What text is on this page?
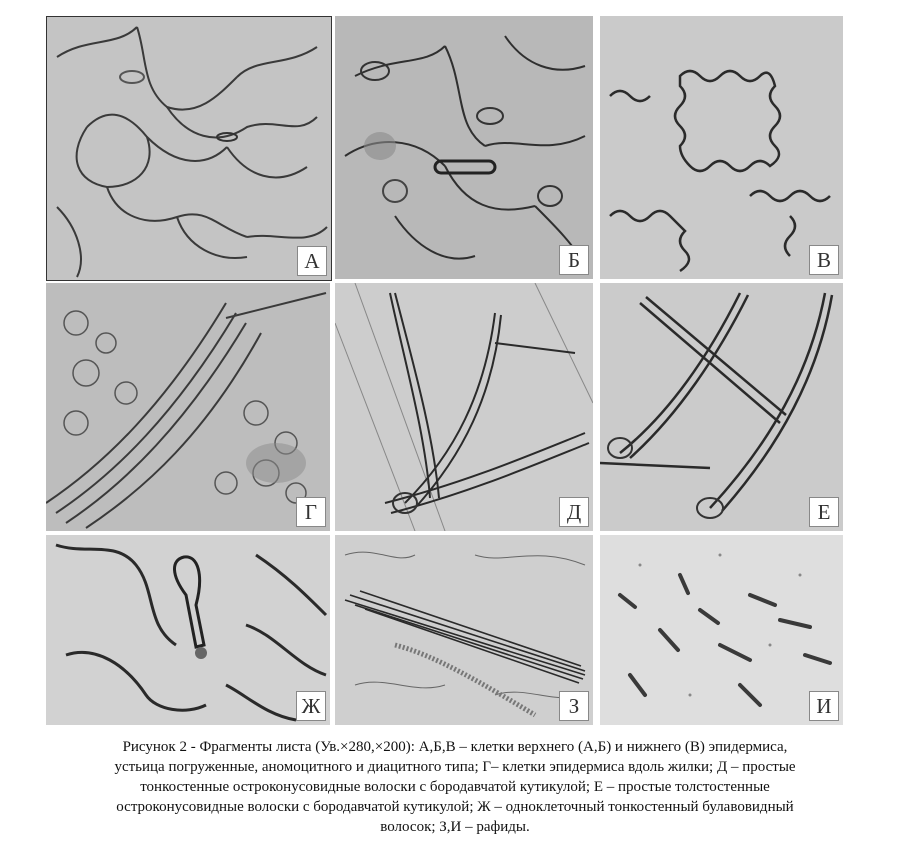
А	Б	В
Г	Д	Е
Ж	З	И
Рисунок 2 - Фрагменты листа (Ув.×280,×200): А,Б,В – клетки верхнего (А,Б) и нижнего (В) эпидермиса,
устьица погруженные, аномоцитного и диацитного типа; Г– клетки эпидермиса вдоль жилки; Д – простые
тонкостенные остроконусовидные волоски с бородавчатой кутикулой; Е – простые толстостенные
остроконусовидные волоски с бородавчатой кутикулой; Ж – одноклеточный тонкостенный булавовидный
волосок; З,И – рафиды.
